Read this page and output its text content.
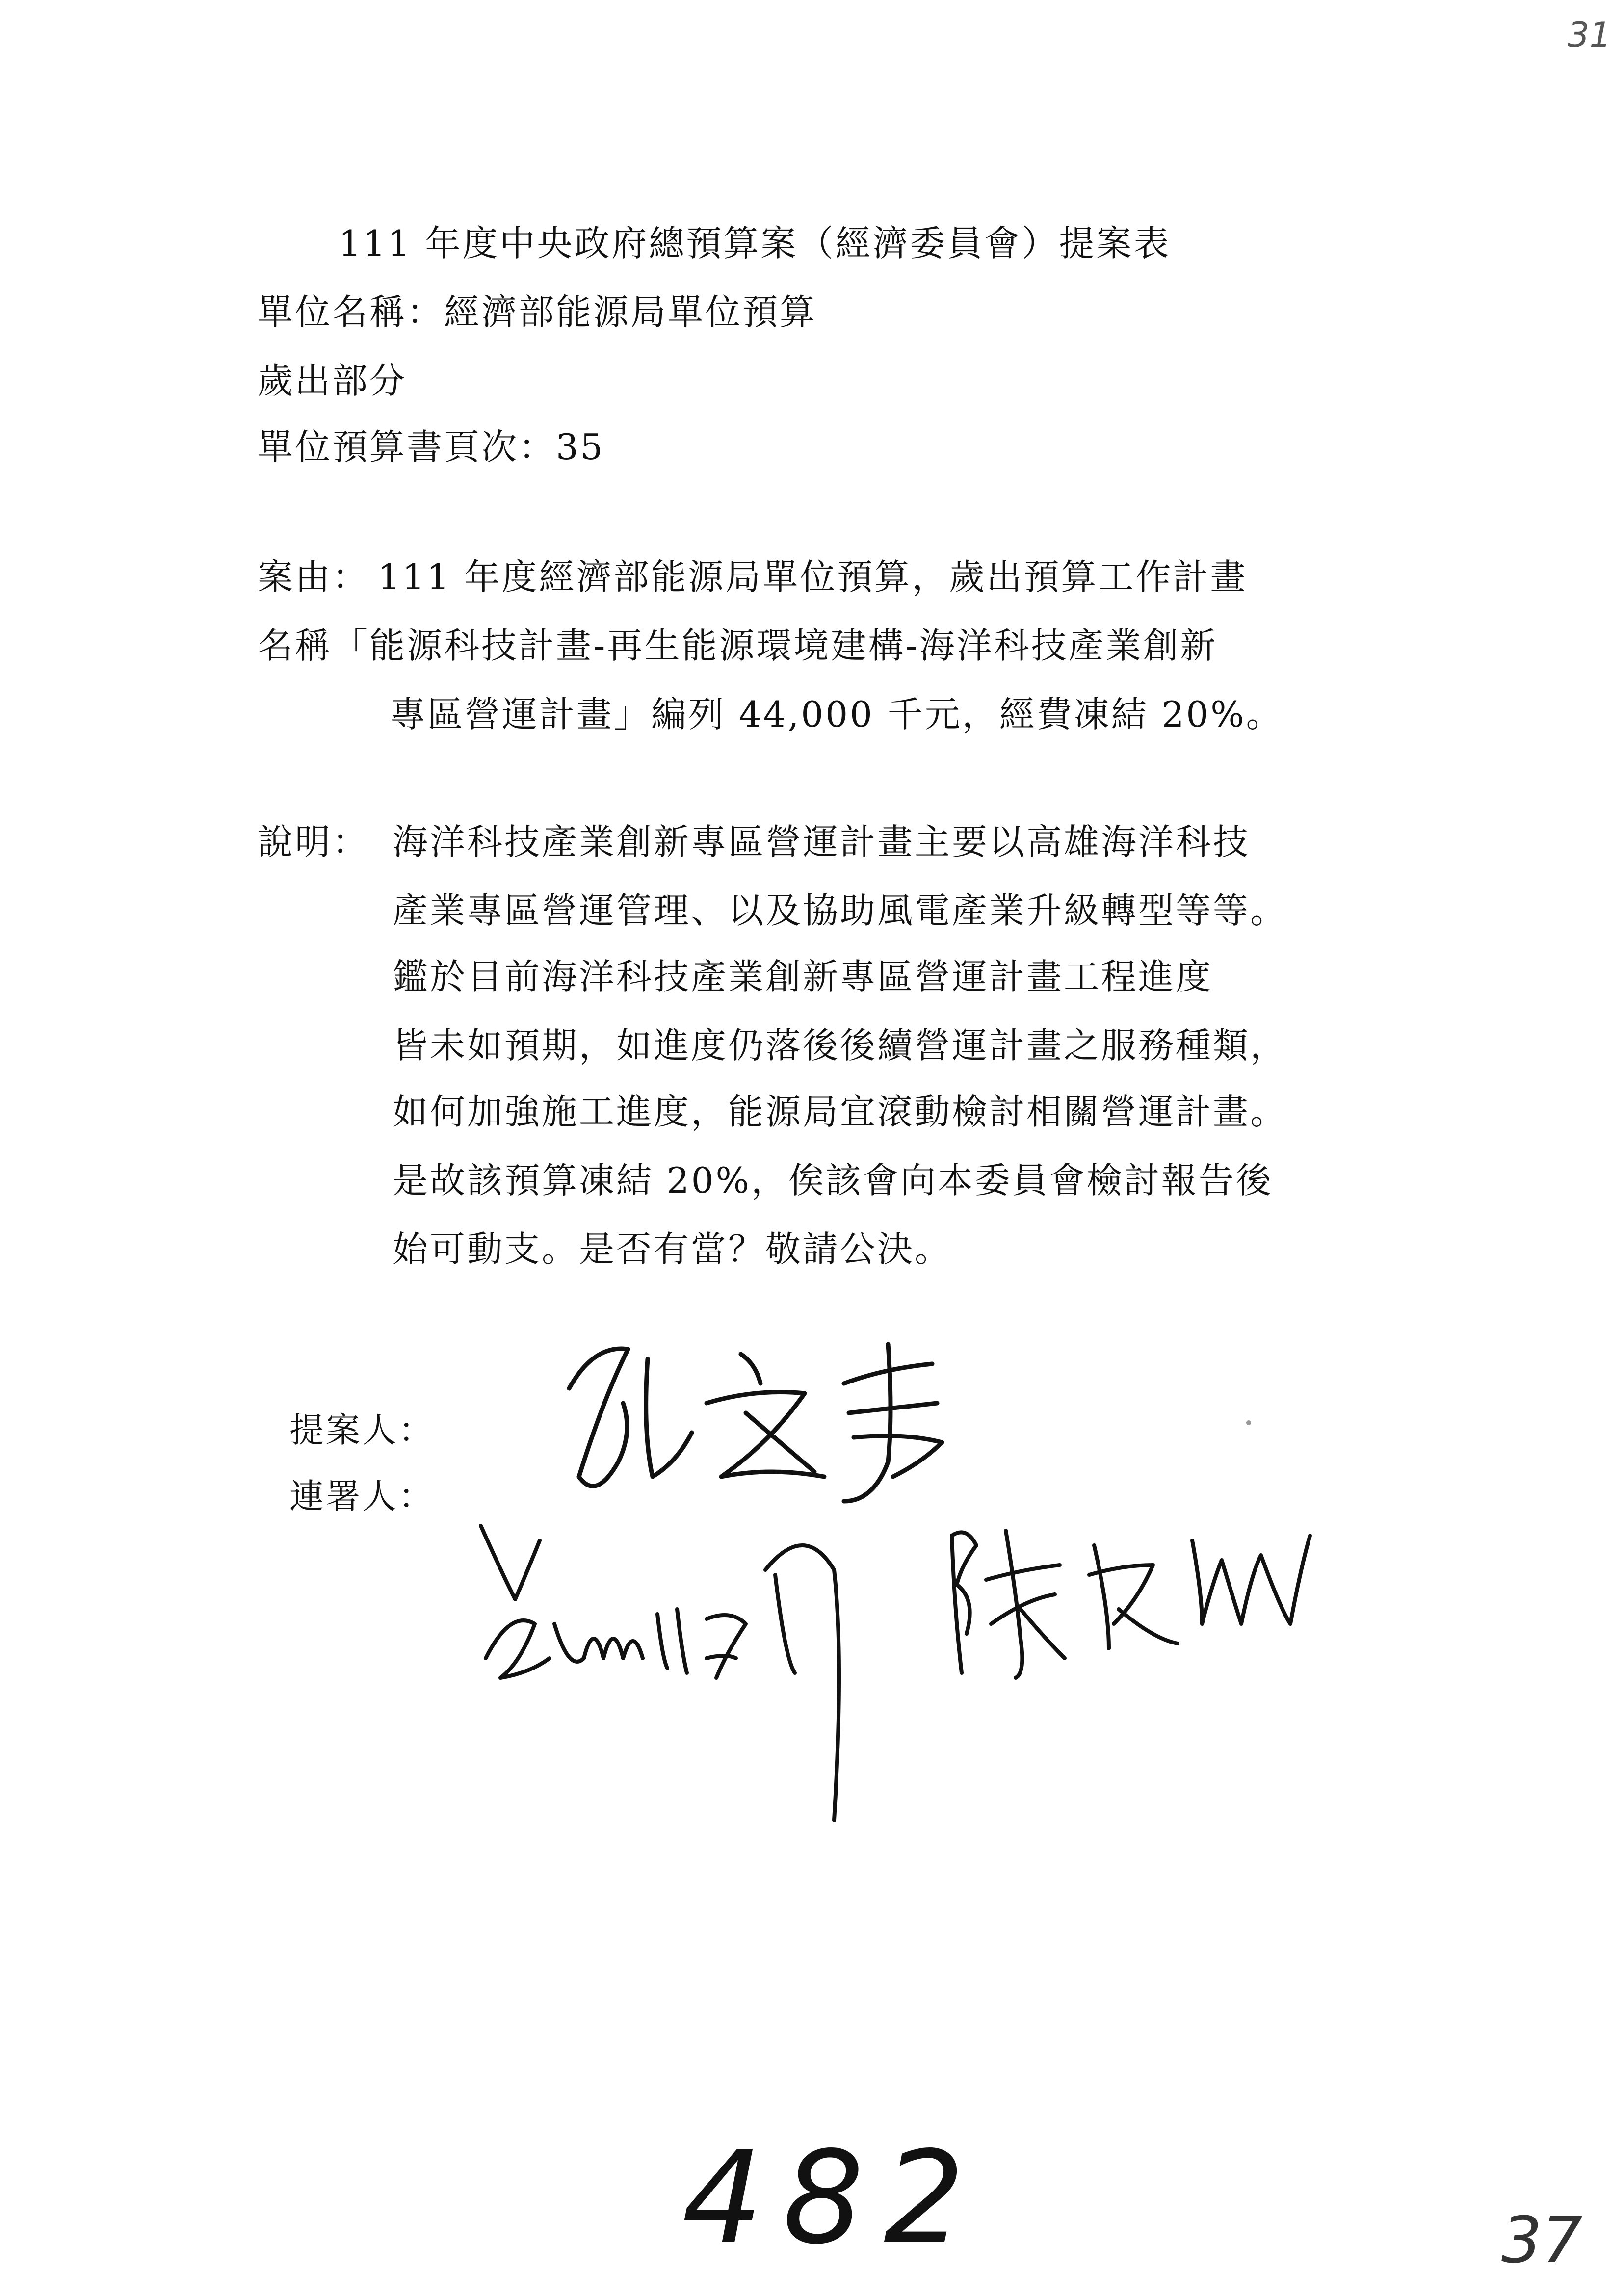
31
111 年度中央政府總預算案（經濟委員會）提案表
單位名稱：經濟部能源局單位預算
歲出部分
單位預算書頁次：35
案由： 111 年度經濟部能源局單位預算，歲出預算工作計畫
名稱「能源科技計畫-再生能源環境建構-海洋科技產業創新
專區營運計畫」編列 44,000 千元，經費凍結 20%。
說明： 海洋科技產業創新專區營運計畫主要以高雄海洋科技
產業專區營運管理、以及協助風電產業升級轉型等等。
鑑於目前海洋科技產業創新專區營運計畫工程進度
皆未如預期，如進度仍落後後續營運計畫之服務種類，
如何加強施工進度，能源局宜滾動檢討相關營運計畫。
是故該預算凍結 20%，俟該會向本委員會檢討報告後
始可動支。是否有當？敬請公決。
提案人：
連署人：
482	37
